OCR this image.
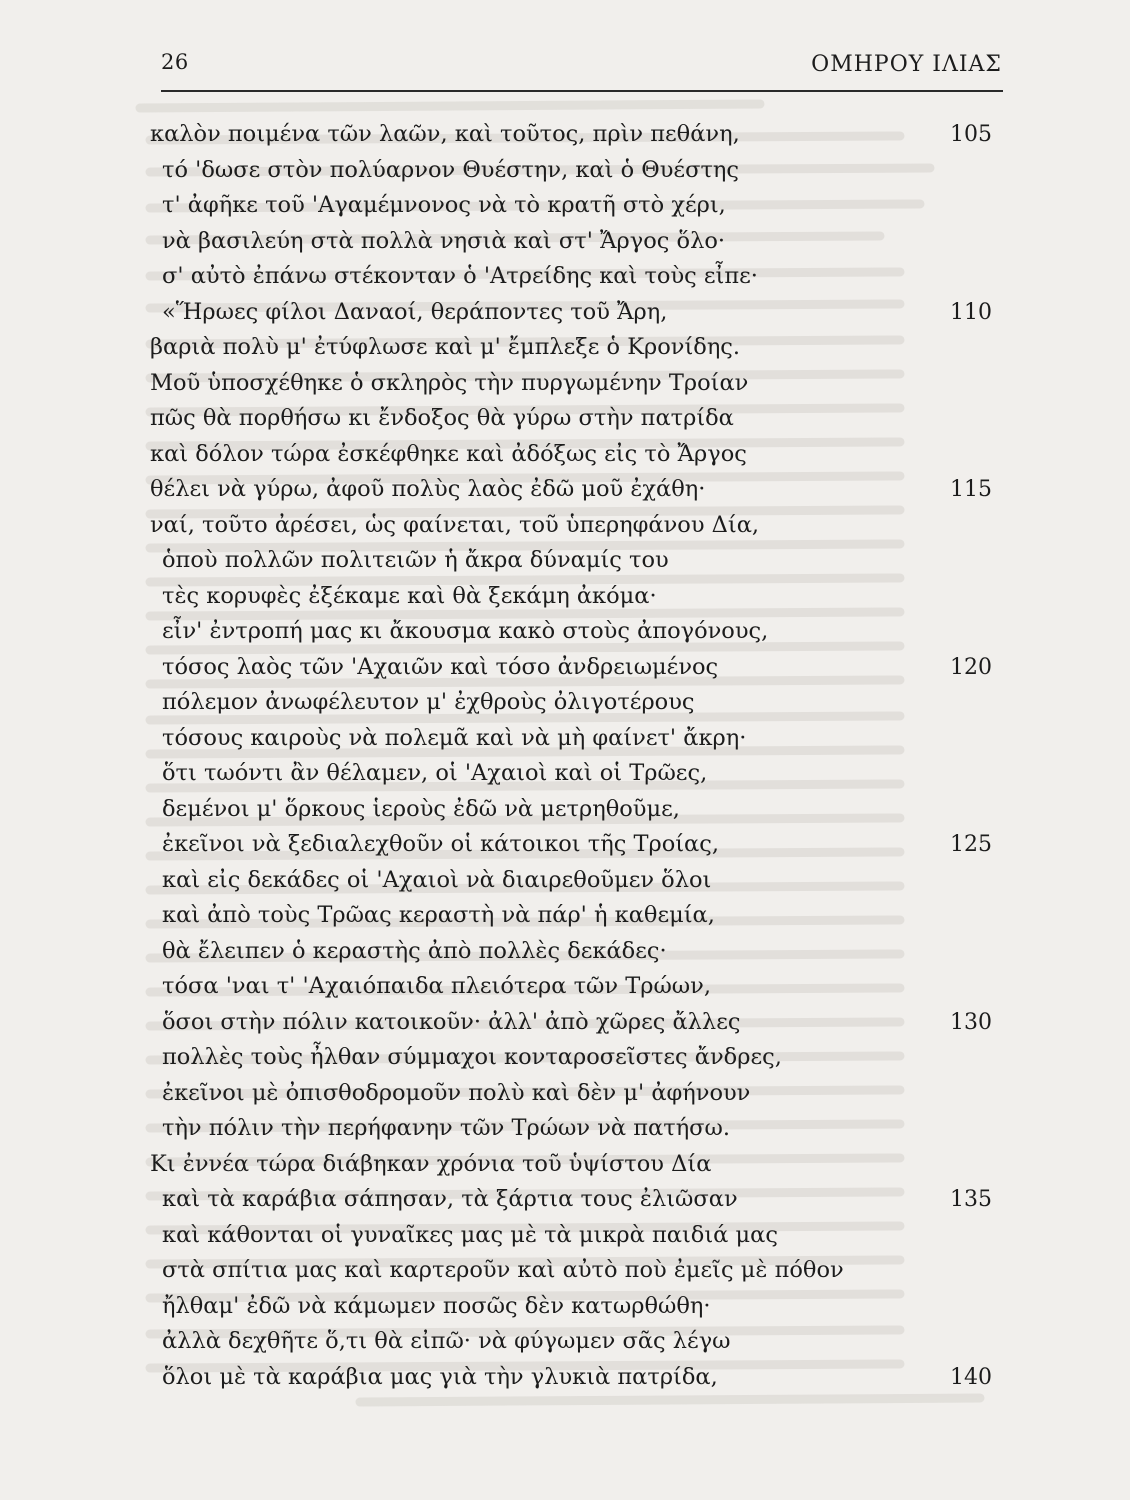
26	ΟΜΗΡΟΥ ΙΛΙΑΣ
καλὸν ποιμένα τῶν λαῶν, καὶ τοῦτος, πρὶν πεθάνη,	105
τό 'δωσε στὸν πολύαρνον Θυέστην, καὶ ὁ Θυέστης
τ' ἀφῆκε τοῦ 'Αγαμέμνονος νὰ τὸ κρατῆ στὸ χέρι,
νὰ βασιλεύη στὰ πολλὰ νησιὰ καὶ στ' Ἄργος ὅλο·
σ' αὐτὸ ἐπάνω στέκονταν ὁ 'Ατρείδης καὶ τοὺς εἶπε·
«Ἥρωες φίλοι Δαναοί, θεράποντες τοῦ Ἄρη,	110
βαριὰ πολὺ μ' ἐτύφλωσε καὶ μ' ἔμπλεξε ὁ Κρονίδης.
Μοῦ ὑποσχέθηκε ὁ σκληρὸς τὴν πυργωμένην Τροίαν
πῶς θὰ πορθήσω κι ἔνδοξος θὰ γύρω στὴν πατρίδα
καὶ δόλον τώρα ἐσκέφθηκε καὶ ἀδόξως εἰς τὸ Ἄργος
θέλει νὰ γύρω, ἀφοῦ πολὺς λαὸς ἐδῶ μοῦ ἐχάθη·	115
ναί, τοῦτο ἀρέσει, ὡς φαίνεται, τοῦ ὑπερηφάνου Δία,
ὁποὺ πολλῶν πολιτειῶν ἡ ἄκρα δύναμίς του
τὲς κορυφὲς ἐξέκαμε καὶ θὰ ξεκάμη ἀκόμα·
εἶν' ἐντροπή μας κι ἄκουσμα κακὸ στοὺς ἀπογόνους,
τόσος λαὸς τῶν 'Αχαιῶν καὶ τόσο ἀνδρειωμένος	120
πόλεμον ἀνωφέλευτον μ' ἐχθροὺς ὀλιγοτέρους
τόσους καιροὺς νὰ πολεμᾶ καὶ νὰ μὴ φαίνετ' ἄκρη·
ὅτι τωόντι ἂν θέλαμεν, οἱ 'Αχαιοὶ καὶ οἱ Τρῶες,
δεμένοι μ' ὅρκους ἱεροὺς ἐδῶ νὰ μετρηθοῦμε,
ἐκεῖνοι νὰ ξεδιαλεχθοῦν οἱ κάτοικοι τῆς Τροίας,	125
καὶ εἰς δεκάδες οἱ 'Αχαιοὶ νὰ διαιρεθοῦμεν ὅλοι
καὶ ἀπὸ τοὺς Τρῶας κεραστὴ νὰ πάρ' ἡ καθεμία,
θὰ ἔλειπεν ὁ κεραστὴς ἀπὸ πολλὲς δεκάδες·
τόσα 'ναι τ' 'Αχαιόπαιδα πλειότερα τῶν Τρώων,
ὅσοι στὴν πόλιν κατοικοῦν· ἀλλ' ἀπὸ χῶρες ἄλλες	130
πολλὲς τοὺς ἦλθαν σύμμαχοι κονταροσεῖστες ἄνδρες,
ἐκεῖνοι μὲ ὀπισθοδρομοῦν πολὺ καὶ δὲν μ' ἀφήνουν
τὴν πόλιν τὴν περήφανην τῶν Τρώων νὰ πατήσω.
Κι ἐννέα τώρα διάβηκαν χρόνια τοῦ ὑψίστου Δία
καὶ τὰ καράβια σάπησαν, τὰ ξάρτια τους ἐλιῶσαν	135
καὶ κάθονται οἱ γυναῖκες μας μὲ τὰ μικρὰ παιδιά μας
στὰ σπίτια μας καὶ καρτεροῦν καὶ αὐτὸ ποὺ ἐμεῖς μὲ πόθον
ἤλθαμ' ἐδῶ νὰ κάμωμεν ποσῶς δὲν κατωρθώθη·
ἀλλὰ δεχθῆτε ὅ,τι θὰ εἰπῶ· νὰ φύγωμεν σᾶς λέγω
ὅλοι μὲ τὰ καράβια μας γιὰ τὴν γλυκιὰ πατρίδα,	140
